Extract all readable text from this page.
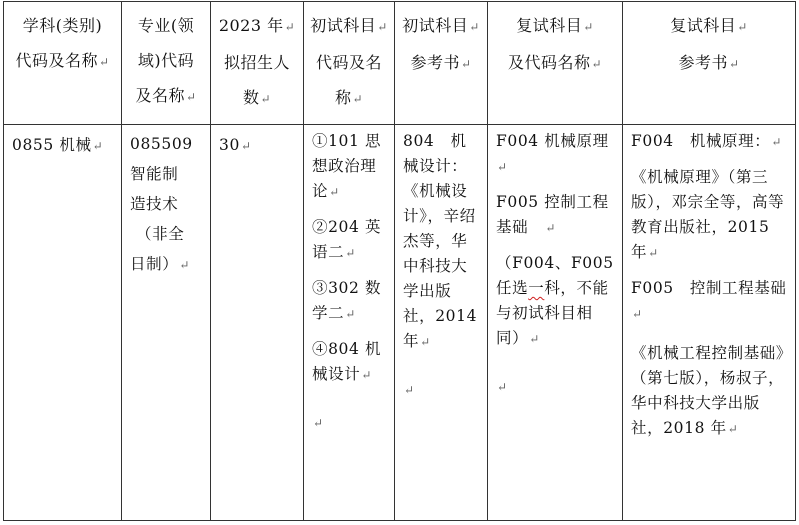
学科(类别)
代码及名称↵	专业(领
域)代码
及名称↵	2023 年↵
拟招生人
数↵	初试科目↵
代码及名
称↵	初试科目↵
参考书↵	复试科目↵
及代码名称↵	复试科目↵
参考书↵

0855 机械↵	085509
智能制
造技术
（非全
日制）↵	30↵	①101 思想政治理论↵
②204 英语二↵
③302 数学二↵
④804 机械设计↵
↵	804　机械设计：《机械设计》，辛绍杰等，华中科技大学出版社，2014年↵
↵	F004 机械原理↵
F005 控制工程基础　 ↵
（F004、F005 任选一科，不能与初试科目相同）↵
↵	F004　机械原理：↵
《机械原理》（第三版），邓宗全等，高等教育出版社，2015 年↵
F005　控制工程基础↵
《机械工程控制基础》（第七版），杨叔子，华中科技大学出版社，2018 年↵
